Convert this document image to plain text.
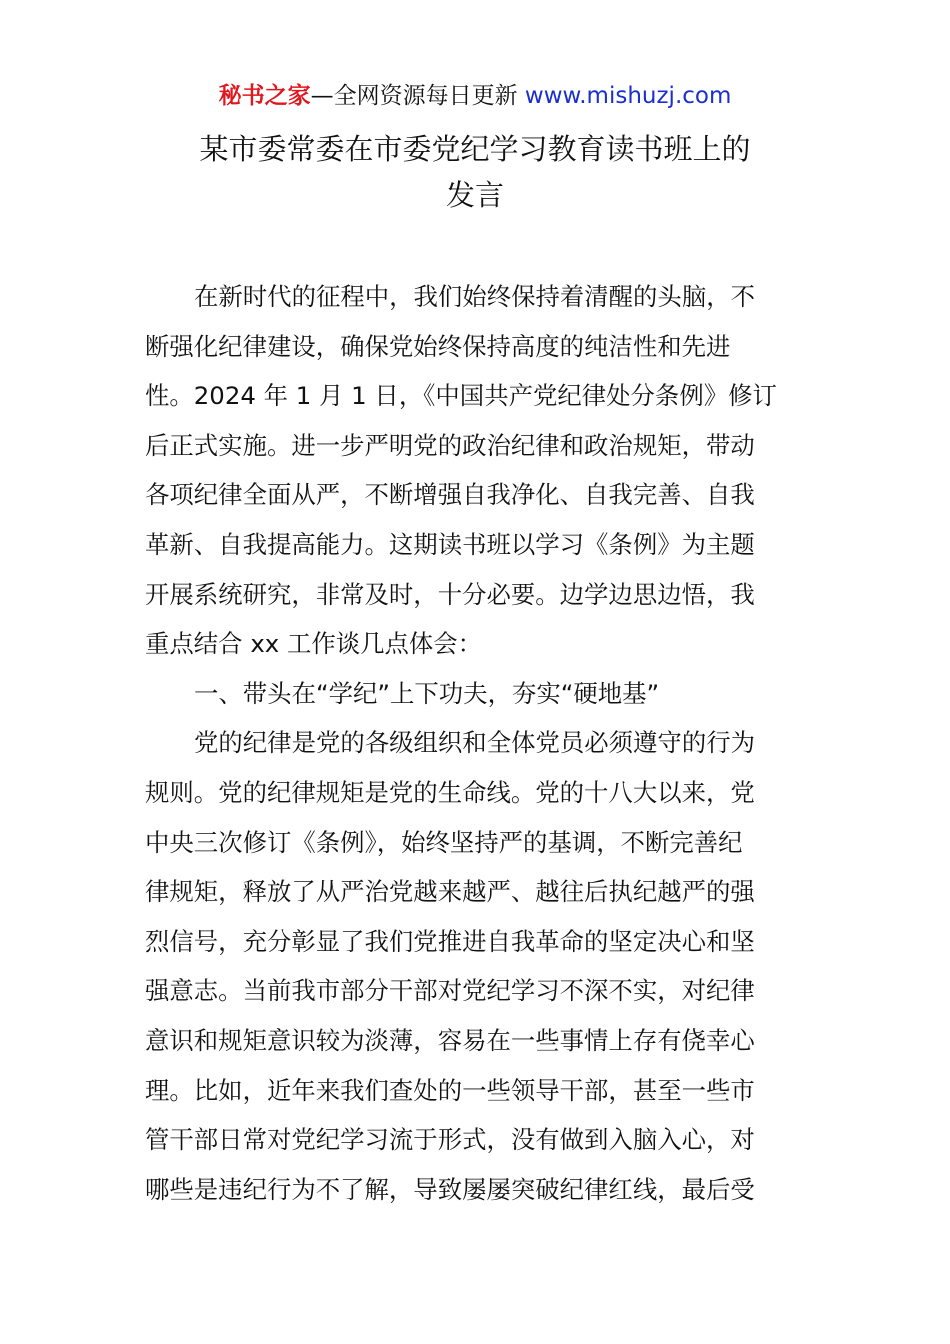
秘书之家—全网资源每日更新 www.mishuzj.com
某市委常委在市委党纪学习教育读书班上的
发言
在新时代的征程中，我们始终保持着清醒的头脑，不
断强化纪律建设，确保党始终保持高度的纯洁性和先进
性。2024 年 1 月 1 日，《中国共产党纪律处分条例》修订
后正式实施。进一步严明党的政治纪律和政治规矩，带动
各项纪律全面从严，不断增强自我净化、自我完善、自我
革新、自我提高能力。这期读书班以学习《条例》为主题
开展系统研究，非常及时，十分必要。边学边思边悟，我
重点结合 xx 工作谈几点体会：
一、带头在“学纪”上下功夫，夯实“硬地基”
党的纪律是党的各级组织和全体党员必须遵守的行为
规则。党的纪律规矩是党的生命线。党的十八大以来，党
中央三次修订《条例》，始终坚持严的基调，不断完善纪
律规矩，释放了从严治党越来越严、越往后执纪越严的强
烈信号，充分彰显了我们党推进自我革命的坚定决心和坚
强意志。当前我市部分干部对党纪学习不深不实，对纪律
意识和规矩意识较为淡薄，容易在一些事情上存有侥幸心
理。比如，近年来我们查处的一些领导干部，甚至一些市
管干部日常对党纪学习流于形式，没有做到入脑入心，对
哪些是违纪行为不了解，导致屡屡突破纪律红线，最后受
